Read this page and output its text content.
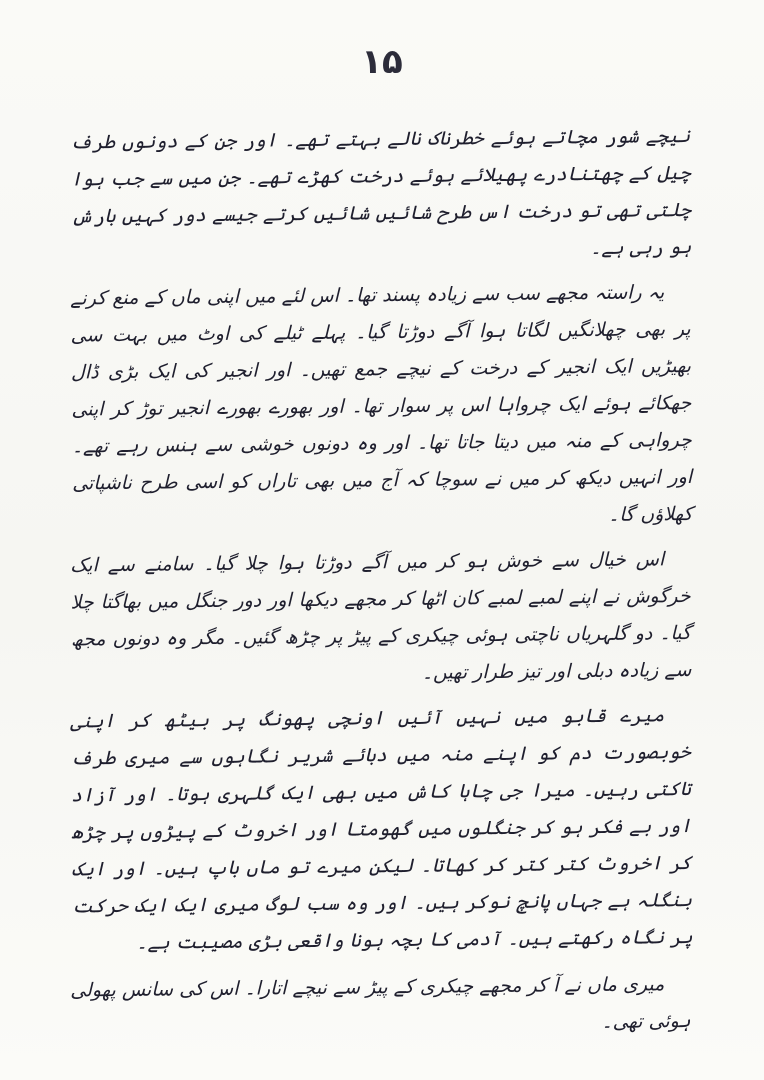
۱۵

نیچے شور مچاتے ہوئے خطرناک نالے بہتے تھے۔ اور جن کے دونوں طرف چیل کے چھتنادرے پھیلائے ہوئے درخت کھڑے تھے۔ جن میں سے جب ہوا چلتی تھی تو درخت اس طرح شائیں شائیں کرتے جیسے دور کہیں بارش ہو رہی ہے۔

یہ راستہ مجھے سب سے زیادہ پسند تھا۔ اس لئے میں اپنی ماں کے منع کرنے پر بھی چھلانگیں لگاتا ہوا آگے دوڑتا گیا۔ پہلے ٹیلے کی اوٹ میں بہت سی بھیڑیں ایک انجیر کے درخت کے نیچے جمع تھیں۔ اور انجیر کی ایک بڑی ڈال جھکائے ہوئے ایک چرواہا اس پر سوار تھا۔ اور بھورے بھورے انجیر توڑ کر اپنی چرواہی کے منہ میں دیتا جاتا تھا۔ اور وہ دونوں خوشی سے ہنس رہے تھے۔ اور انہیں دیکھ کر میں نے سوچا کہ آج میں بھی تاراں کو اسی طرح ناشپاتی کھلاؤں گا۔

اس خیال سے خوش ہو کر میں آگے دوڑتا ہوا چلا گیا۔ سامنے سے ایک خرگوش نے اپنے لمبے لمبے کان اٹھا کر مجھے دیکھا اور دور جنگل میں بھاگتا چلا گیا۔ دو گلہریاں ناچتی ہوئی چیکری کے پیڑ پر چڑھ گئیں۔ مگر وہ دونوں مجھ سے زیادہ دبلی اور تیز طرار تھیں۔

میرے قابو میں نہیں آئیں اونچی پھونگ پر بیٹھ کر اپنی خوبصورت دم کو اپنے منہ میں دبائے شریر نگاہوں سے میری طرف تاکتی رہیں۔ میرا جی چاہا کاش میں بھی ایک گلہری ہوتا۔ اور آزاد اور بے فکر ہو کر جنگلوں میں گھومتا اور اخروٹ کے پیڑوں پر چڑھ کر اخروٹ کتر کتر کر کھاتا۔ لیکن میرے تو ماں باپ ہیں۔ اور ایک بنگلہ ہے جہاں پانچ نوکر ہیں۔ اور وہ سب لوگ میری ایک ایک حرکت پر نگاہ رکھتے ہیں۔ آدمی کا بچہ ہونا واقعی بڑی مصیبت ہے۔

میری ماں نے آ کر مجھے چیکری کے پیڑ سے نیچے اتارا۔ اس کی سانس پھولی ہوئی تھی۔
